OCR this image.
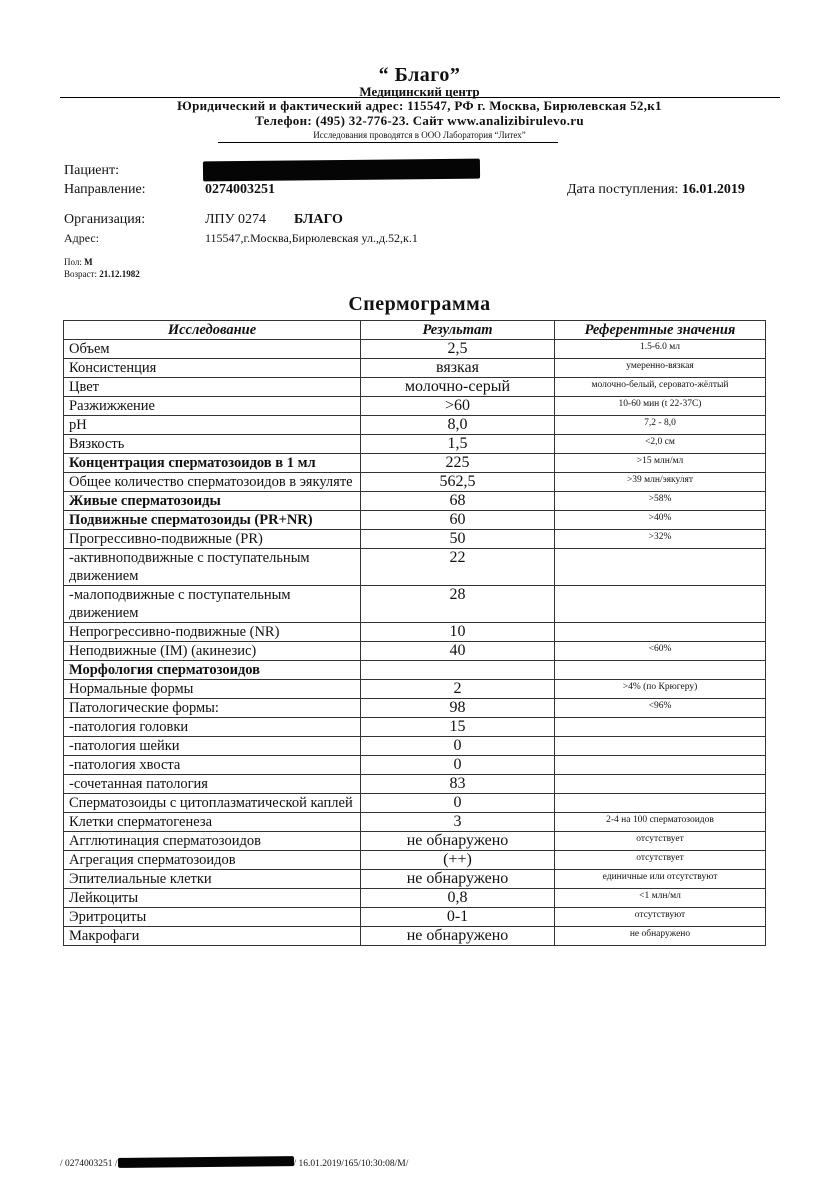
“ Благо”
Медицинский центр
Юридический и фактический адрес: 115547, РФ г. Москва, Бирюлевская 52,к1
Телефон: (495) 32-776-23. Сайт www.analizibirulevo.ru
Исследования проводятся в ООО Лаборатория “Литех”
Пациент:
Направление:	0274003251	Дата поступления: 16.01.2019
Организация:	ЛПУ 0274 БЛАГО
Адрес:	115547,г.Москва,Бирюлевская ул.,д.52,к.1
Пол: М
Возраст: 21.12.1982
Спермограмма
Исследование	Результат	Референтные значения
Объем	2,5	1.5-6.0 мл
Консистенция	вязкая	умеренно-вязкая
Цвет	молочно-серый	молочно-белый, серовато-жёлтый
Разжижжение	>60	10-60 мин (t 22-37C)
pH	8,0	7,2 - 8,0
Вязкость	1,5	<2,0 см
Концентрация сперматозоидов в 1 мл	225	>15 млн/мл
Общее количество сперматозоидов в эякуляте	562,5	>39 млн/эякулят
Живые сперматозоиды	68	>58%
Подвижные сперматозоиды (PR+NR)	60	>40%
Прогрессивно-подвижные (PR)	50	>32%
-активноподвижные с поступательным движением	22	
-малоподвижные с поступательным движением	28	
Непрогрессивно-подвижные (NR)	10	
Неподвижные (IM) (акинезис)	40	<60%
Морфология сперматозоидов		
Нормальные формы	2	>4% (по Крюгеру)
Патологические формы:	98	<96%
-патология головки	15	
-патология шейки	0	
-патология хвоста	0	
-сочетанная патология	83	
Сперматозоиды с цитоплазматической каплей	0	
Клетки сперматогенеза	3	2-4 на 100 сперматозоидов
Агглютинация сперматозоидов	не обнаружено	отсутствует
Агрегация сперматозоидов	(++)	отсутствует
Эпителиальные клетки	не обнаружено	единичные или отсутствуют
Лейкоциты	0,8	<1 млн/мл
Эритроциты	0-1	отсутствуют
Макрофаги	не обнаружено	не обнаружено
/ 0274003251 /	/ 16.01.2019/165/10:30:08/M/
